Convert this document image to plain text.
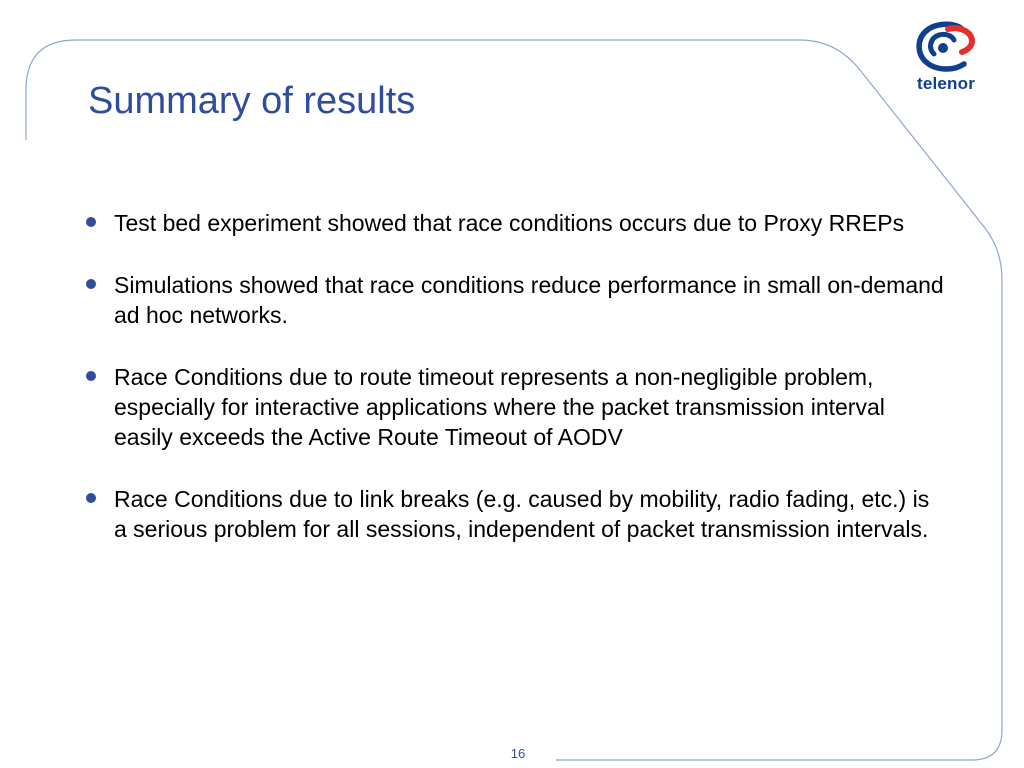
Summary of results	telenor
Test bed experiment showed that race conditions occurs due to Proxy RREPs
Simulations showed that race conditions reduce performance in small on-demand ad hoc networks.
Race Conditions due to route timeout represents a non-negligible problem, especially for interactive applications where the packet transmission interval easily exceeds the Active Route Timeout of AODV
Race Conditions due to link breaks (e.g. caused by mobility, radio fading, etc.) is a serious problem for all sessions, independent of packet transmission intervals.
16
